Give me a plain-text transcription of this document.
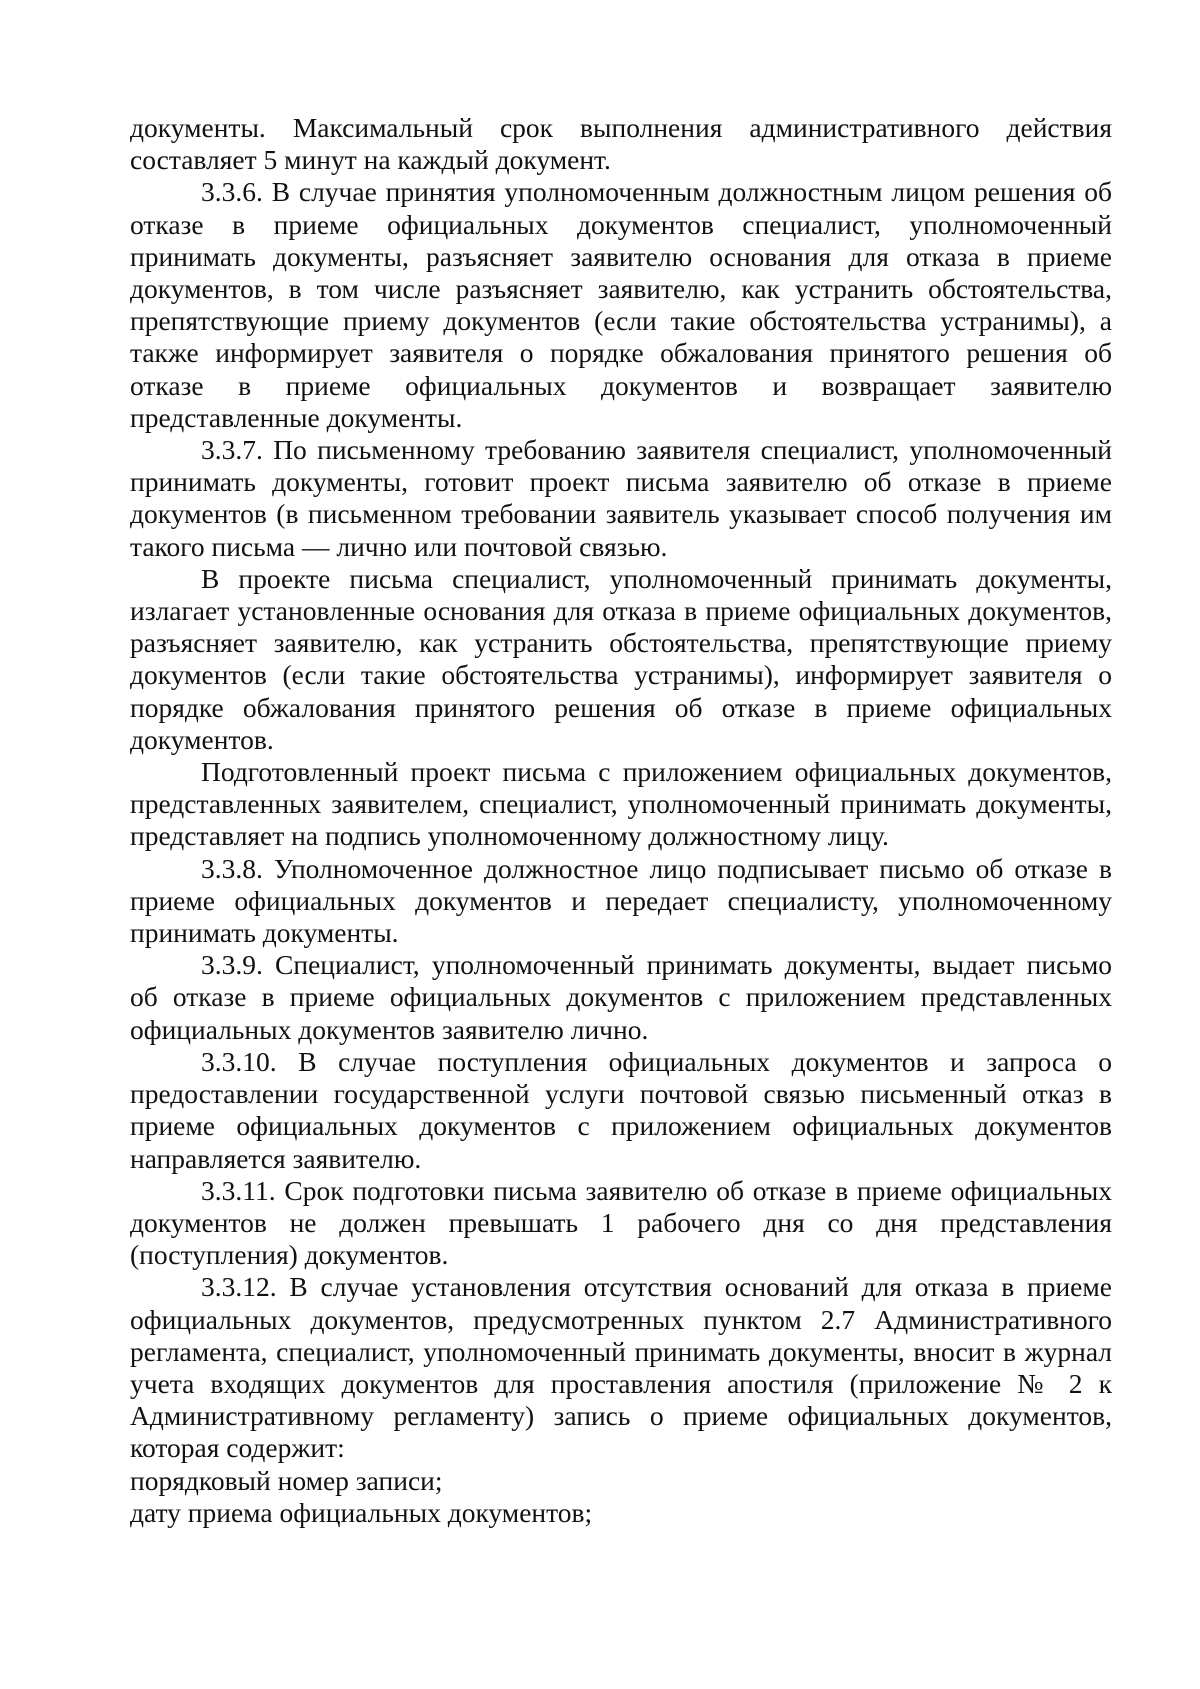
документы. Максимальный срок выполнения административного действия составляет 5 минут на каждый документ.

3.3.6. В случае принятия уполномоченным должностным лицом решения об отказе в приеме официальных документов специалист, уполномоченный принимать документы, разъясняет заявителю основания для отказа в приеме документов, в том числе разъясняет заявителю, как устранить обстоятельства, препятствующие приему документов (если такие обстоятельства устранимы), а также информирует заявителя о порядке обжалования принятого решения об отказе в приеме официальных документов и возвращает заявителю представленные документы.

3.3.7. По письменному требованию заявителя специалист, уполномоченный принимать документы, готовит проект письма заявителю об отказе в приеме документов (в письменном требовании заявитель указывает способ получения им такого письма — лично или почтовой связью.

В проекте письма специалист, уполномоченный принимать документы, излагает установленные основания для отказа в приеме официальных документов, разъясняет заявителю, как устранить обстоятельства, препятствующие приему документов (если такие обстоятельства устранимы), информирует заявителя о порядке обжалования принятого решения об отказе в приеме официальных документов.

Подготовленный проект письма с приложением официальных документов, представленных заявителем, специалист, уполномоченный принимать документы, представляет на подпись уполномоченному должностному лицу.

3.3.8. Уполномоченное должностное лицо подписывает письмо об отказе в приеме официальных документов и передает специалисту, уполномоченному принимать документы.

3.3.9. Специалист, уполномоченный принимать документы, выдает письмо об отказе в приеме официальных документов с приложением представленных официальных документов заявителю лично.

3.3.10. В случае поступления официальных документов и запроса о предоставлении государственной услуги почтовой связью письменный отказ в приеме официальных документов с приложением официальных документов направляется заявителю.

3.3.11. Срок подготовки письма заявителю об отказе в приеме официальных документов не должен превышать 1 рабочего дня со дня представления (поступления) документов.

3.3.12. В случае установления отсутствия оснований для отказа в приеме официальных документов, предусмотренных пунктом 2.7 Административного регламента, специалист, уполномоченный принимать документы, вносит в журнал учета входящих документов для проставления апостиля (приложение № 2 к Административному регламенту) запись о приеме официальных документов, которая содержит:

порядковый номер записи;

дату приема официальных документов;
